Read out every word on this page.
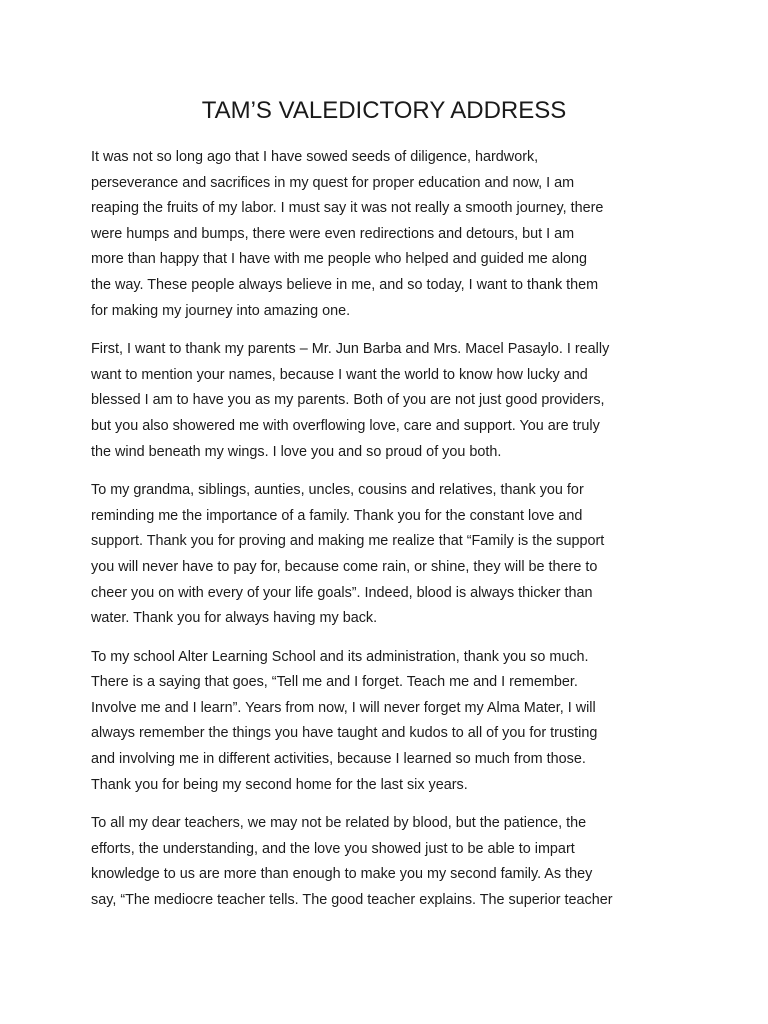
TAM’S VALEDICTORY ADDRESS

It was not so long ago that I have sowed seeds of diligence, hardwork,
perseverance and sacrifices in my quest for proper education and now, I am
reaping the fruits of my labor. I must say it was not really a smooth journey, there
were humps and bumps, there were even redirections and detours, but I am
more than happy that I have with me people who helped and guided me along
the way. These people always believe in me, and so today, I want to thank them
for making my journey into amazing one.

First, I want to thank my parents – Mr. Jun Barba and Mrs. Macel Pasaylo. I really
want to mention your names, because I want the world to know how lucky and
blessed I am to have you as my parents. Both of you are not just good providers,
but you also showered me with overflowing love, care and support. You are truly
the wind beneath my wings. I love you and so proud of you both.

To my grandma, siblings, aunties, uncles, cousins and relatives, thank you for
reminding me the importance of a family. Thank you for the constant love and
support. Thank you for proving and making me realize that “Family is the support
you will never have to pay for, because come rain, or shine, they will be there to
cheer you on with every of your life goals”. Indeed, blood is always thicker than
water. Thank you for always having my back.

To my school Alter Learning School and its administration, thank you so much.
There is a saying that goes, “Tell me and I forget. Teach me and I remember.
Involve me and I learn”. Years from now, I will never forget my Alma Mater, I will
always remember the things you have taught and kudos to all of you for trusting
and involving me in different activities, because I learned so much from those.
Thank you for being my second home for the last six years.

To all my dear teachers, we may not be related by blood, but the patience, the
efforts, the understanding, and the love you showed just to be able to impart
knowledge to us are more than enough to make you my second family. As they
say, “The mediocre teacher tells. The good teacher explains. The superior teacher
